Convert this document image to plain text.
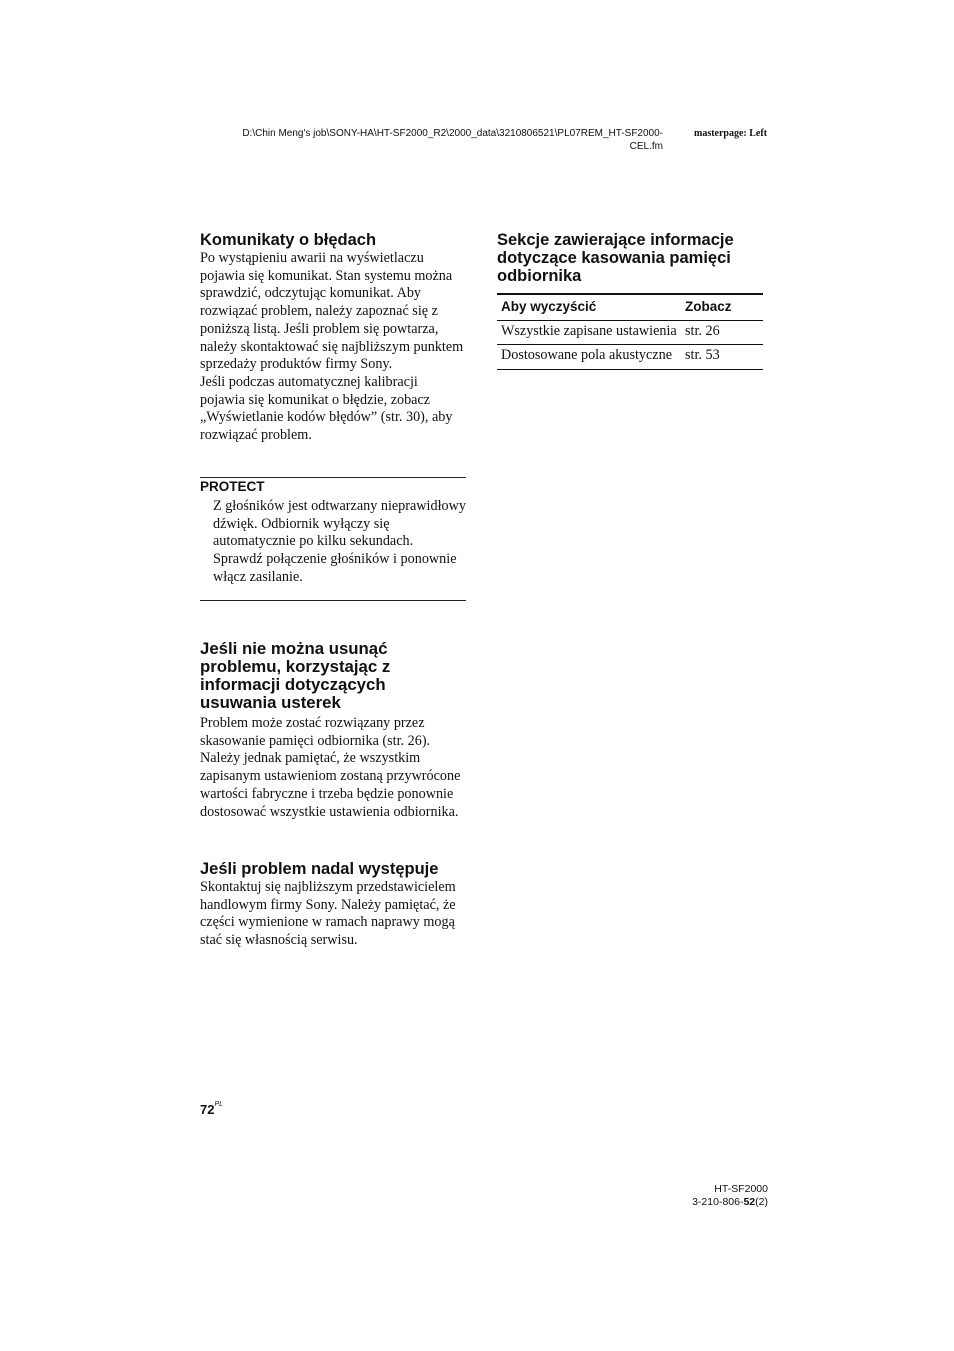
D:\Chin Meng's job\SONY-HA\HT-SF2000_R2\2000_data\3210806521\PL07REM_HT-SF2000-
CEL.fm
masterpage: Left
Komunikaty o błędach

Po wystąpieniu awarii na wyświetlaczu pojawia się komunikat. Stan systemu można sprawdzić, odczytując komunikat. Aby rozwiązać problem, należy zapoznać się z poniższą listą. Jeśli problem się powtarza, należy skontaktować się najbliższym punktem sprzedaży produktów firmy Sony.

Jeśli podczas automatycznej kalibracji pojawia się komunikat o błędzie, zobacz „Wyświetlanie kodów błędów” (str. 30), aby rozwiązać problem.

PROTECT

Z głośników jest odtwarzany nieprawidłowy dźwięk. Odbiornik wyłączy się automatycznie po kilku sekundach. Sprawdź połączenie głośników i ponownie włącz zasilanie.

Jeśli nie można usunąć problemu, korzystając z informacji dotyczących usuwania usterek

Problem może zostać rozwiązany przez skasowanie pamięci odbiornika (str. 26). Należy jednak pamiętać, że wszystkim zapisanym ustawieniom zostaną przywrócone wartości fabryczne i trzeba będzie ponownie dostosować wszystkie ustawienia odbiornika.

Jeśli problem nadal występuje

Skontaktuj się najbliższym przedstawicielem handlowym firmy Sony. Należy pamiętać, że części wymienione w ramach naprawy mogą stać się własnością serwisu.

Sekcje zawierające informacje dotyczące kasowania pamięci odbiornika
Aby wyczyścić	Zobacz
Wszystkie zapisane ustawienia	str. 26
Dostosowane pola akustyczne	str. 53
$72^{PL}$
HT-SF2000
3-210-806-52(2)
